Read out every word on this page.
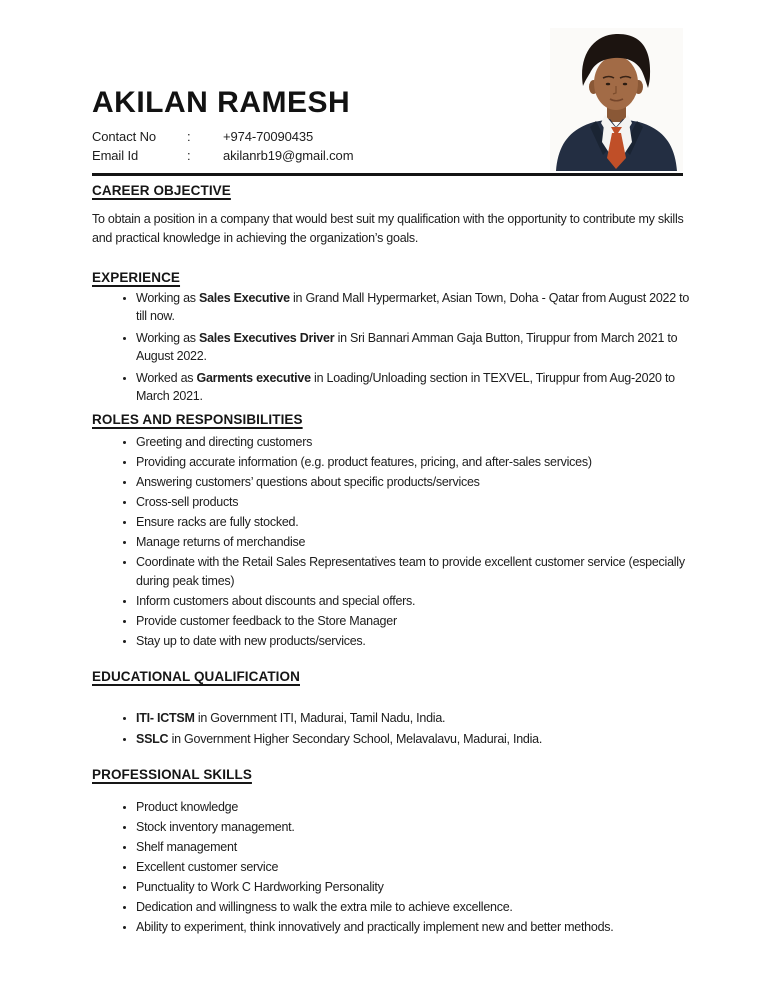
AKILAN RAMESH
Contact No	:	+974-70090435
Email Id	:	akilanrb19@gmail.com
CAREER OBJECTIVE

To obtain a position in a company that would best suit my qualification with the opportunity to contribute my skills and practical knowledge in achieving the organization’s goals.

EXPERIENCE
• Working as Sales Executive in Grand Mall Hypermarket, Asian Town, Doha - Qatar from August 2022 to till now.
• Working as Sales Executives Driver in Sri Bannari Amman Gaja Button, Tiruppur from March 2021 to August 2022.
• Worked as Garments executive in Loading/Unloading section in TEXVEL, Tiruppur from Aug-2020 to March 2021.
ROLES AND RESPONSIBILITIES
• Greeting and directing customers
• Providing accurate information (e.g. product features, pricing, and after-sales services)
• Answering customers’ questions about specific products/services
• Cross-sell products
• Ensure racks are fully stocked.
• Manage returns of merchandise
• Coordinate with the Retail Sales Representatives team to provide excellent customer service (especially during peak times)
• Inform customers about discounts and special offers.
• Provide customer feedback to the Store Manager
• Stay up to date with new products/services.
EDUCATIONAL QUALIFICATION
• ITI- ICTSM in Government ITI, Madurai, Tamil Nadu, India.
• SSLC in Government Higher Secondary School, Melavalavu, Madurai, India.
PROFESSIONAL SKILLS
• Product knowledge
• Stock inventory management.
• Shelf management
• Excellent customer service
• Punctuality to Work C Hardworking Personality
• Dedication and willingness to walk the extra mile to achieve excellence.
• Ability to experiment, think innovatively and practically implement new and better methods.
